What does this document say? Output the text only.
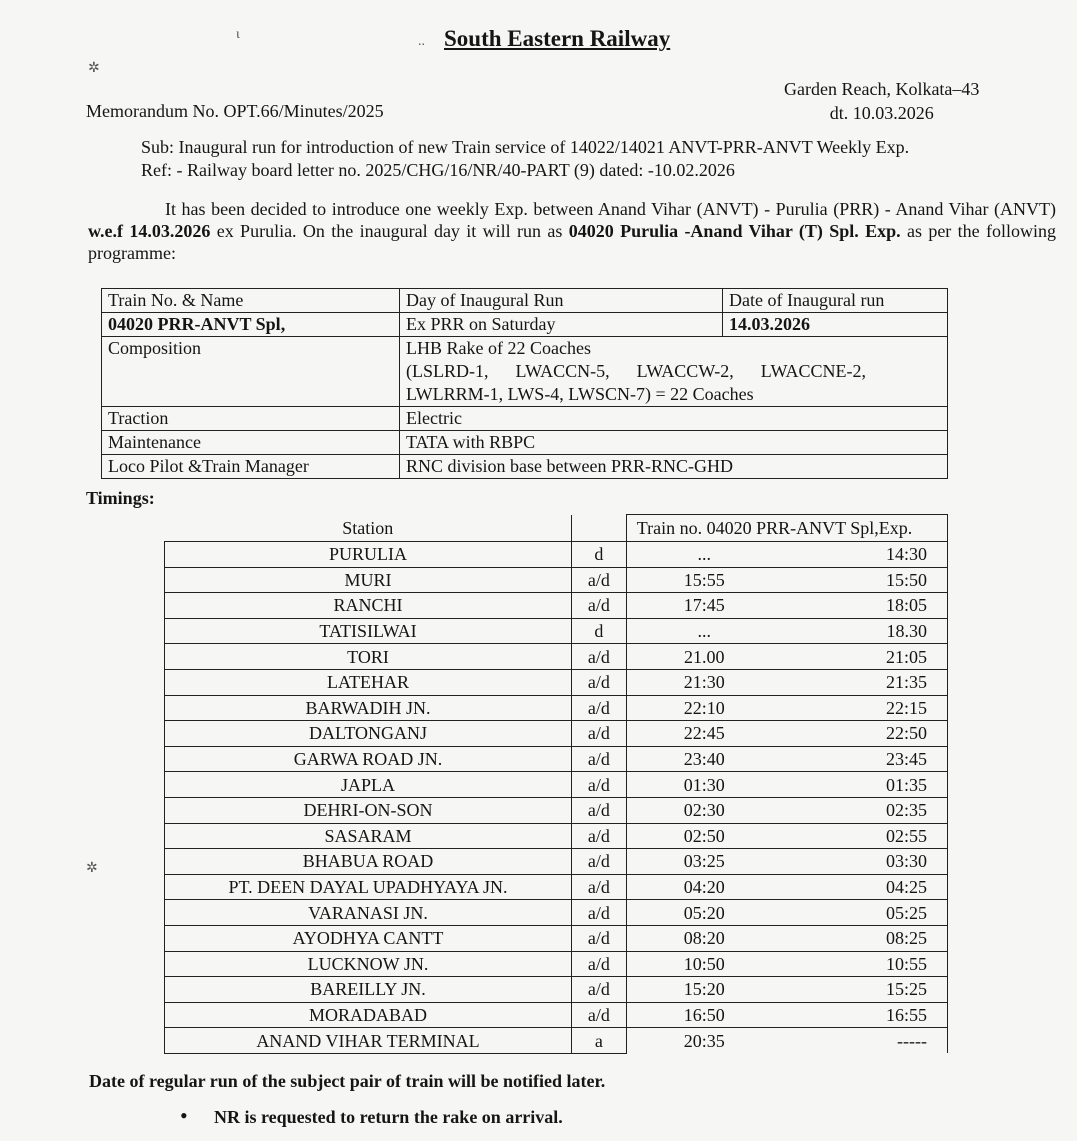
South Eastern Railway
Memorandum No. OPT.66/Minutes/2025
Garden Reach, Kolkata–43
dt. 10.03.2026
Sub: Inaugural run for introduction of new Train service of 14022/14021 ANVT-PRR-ANVT Weekly Exp.
Ref: - Railway board letter no. 2025/CHG/16/NR/40-PART (9) dated: -10.02.2026
It has been decided to introduce one weekly Exp. between Anand Vihar (ANVT) - Purulia (PRR) - Anand Vihar (ANVT) w.e.f 14.03.2026 ex Purulia. On the inaugural day it will run as 04020 Purulia -Anand Vihar (T) Spl. Exp. as per the following programme:
Train No. & Name	Day of Inaugural Run	Date of Inaugural run
04020 PRR-ANVT Spl,	Ex PRR on Saturday	14.03.2026
Composition	LHB Rake of 22 Coaches
(LSLRD-1,      LWACCN-5,      LWACCW-2,      LWACCNE-2,
LWLRRM-1, LWS-4, LWSCN-7) = 22 Coaches	

Traction	Electric	
Maintenance	TATA with RBPC	
Loco Pilot &Train Manager	RNC division base between PRR-RNC-GHD	
Timings:
Station		Train no. 04020 PRR-ANVT Spl,Exp.	
PURULIA	d	...	14:30
MURI	a/d	15:55	15:50
RANCHI	a/d	17:45	18:05
TATISILWAI	d	...	18.30
TORI	a/d	21.00	21:05
LATEHAR	a/d	21:30	21:35
BARWADIH JN.	a/d	22:10	22:15
DALTONGANJ	a/d	22:45	22:50
GARWA ROAD JN.	a/d	23:40	23:45
JAPLA	a/d	01:30	01:35
DEHRI-ON-SON	a/d	02:30	02:35
SASARAM	a/d	02:50	02:55
BHABUA ROAD	a/d	03:25	03:30
PT. DEEN DAYAL UPADHYAYA JN.	a/d	04:20	04:25
VARANASI JN.	a/d	05:20	05:25
AYODHYA CANTT	a/d	08:20	08:25
LUCKNOW JN.	a/d	10:50	10:55
BAREILLY JN.	a/d	15:20	15:25
MORADABAD	a/d	16:50	16:55
ANAND VIHAR TERMINAL	a	20:35	-----
Date of regular run of the subject pair of train will be notified later.
• NR is requested to return the rake on arrival.
ι	..
✲
✲
